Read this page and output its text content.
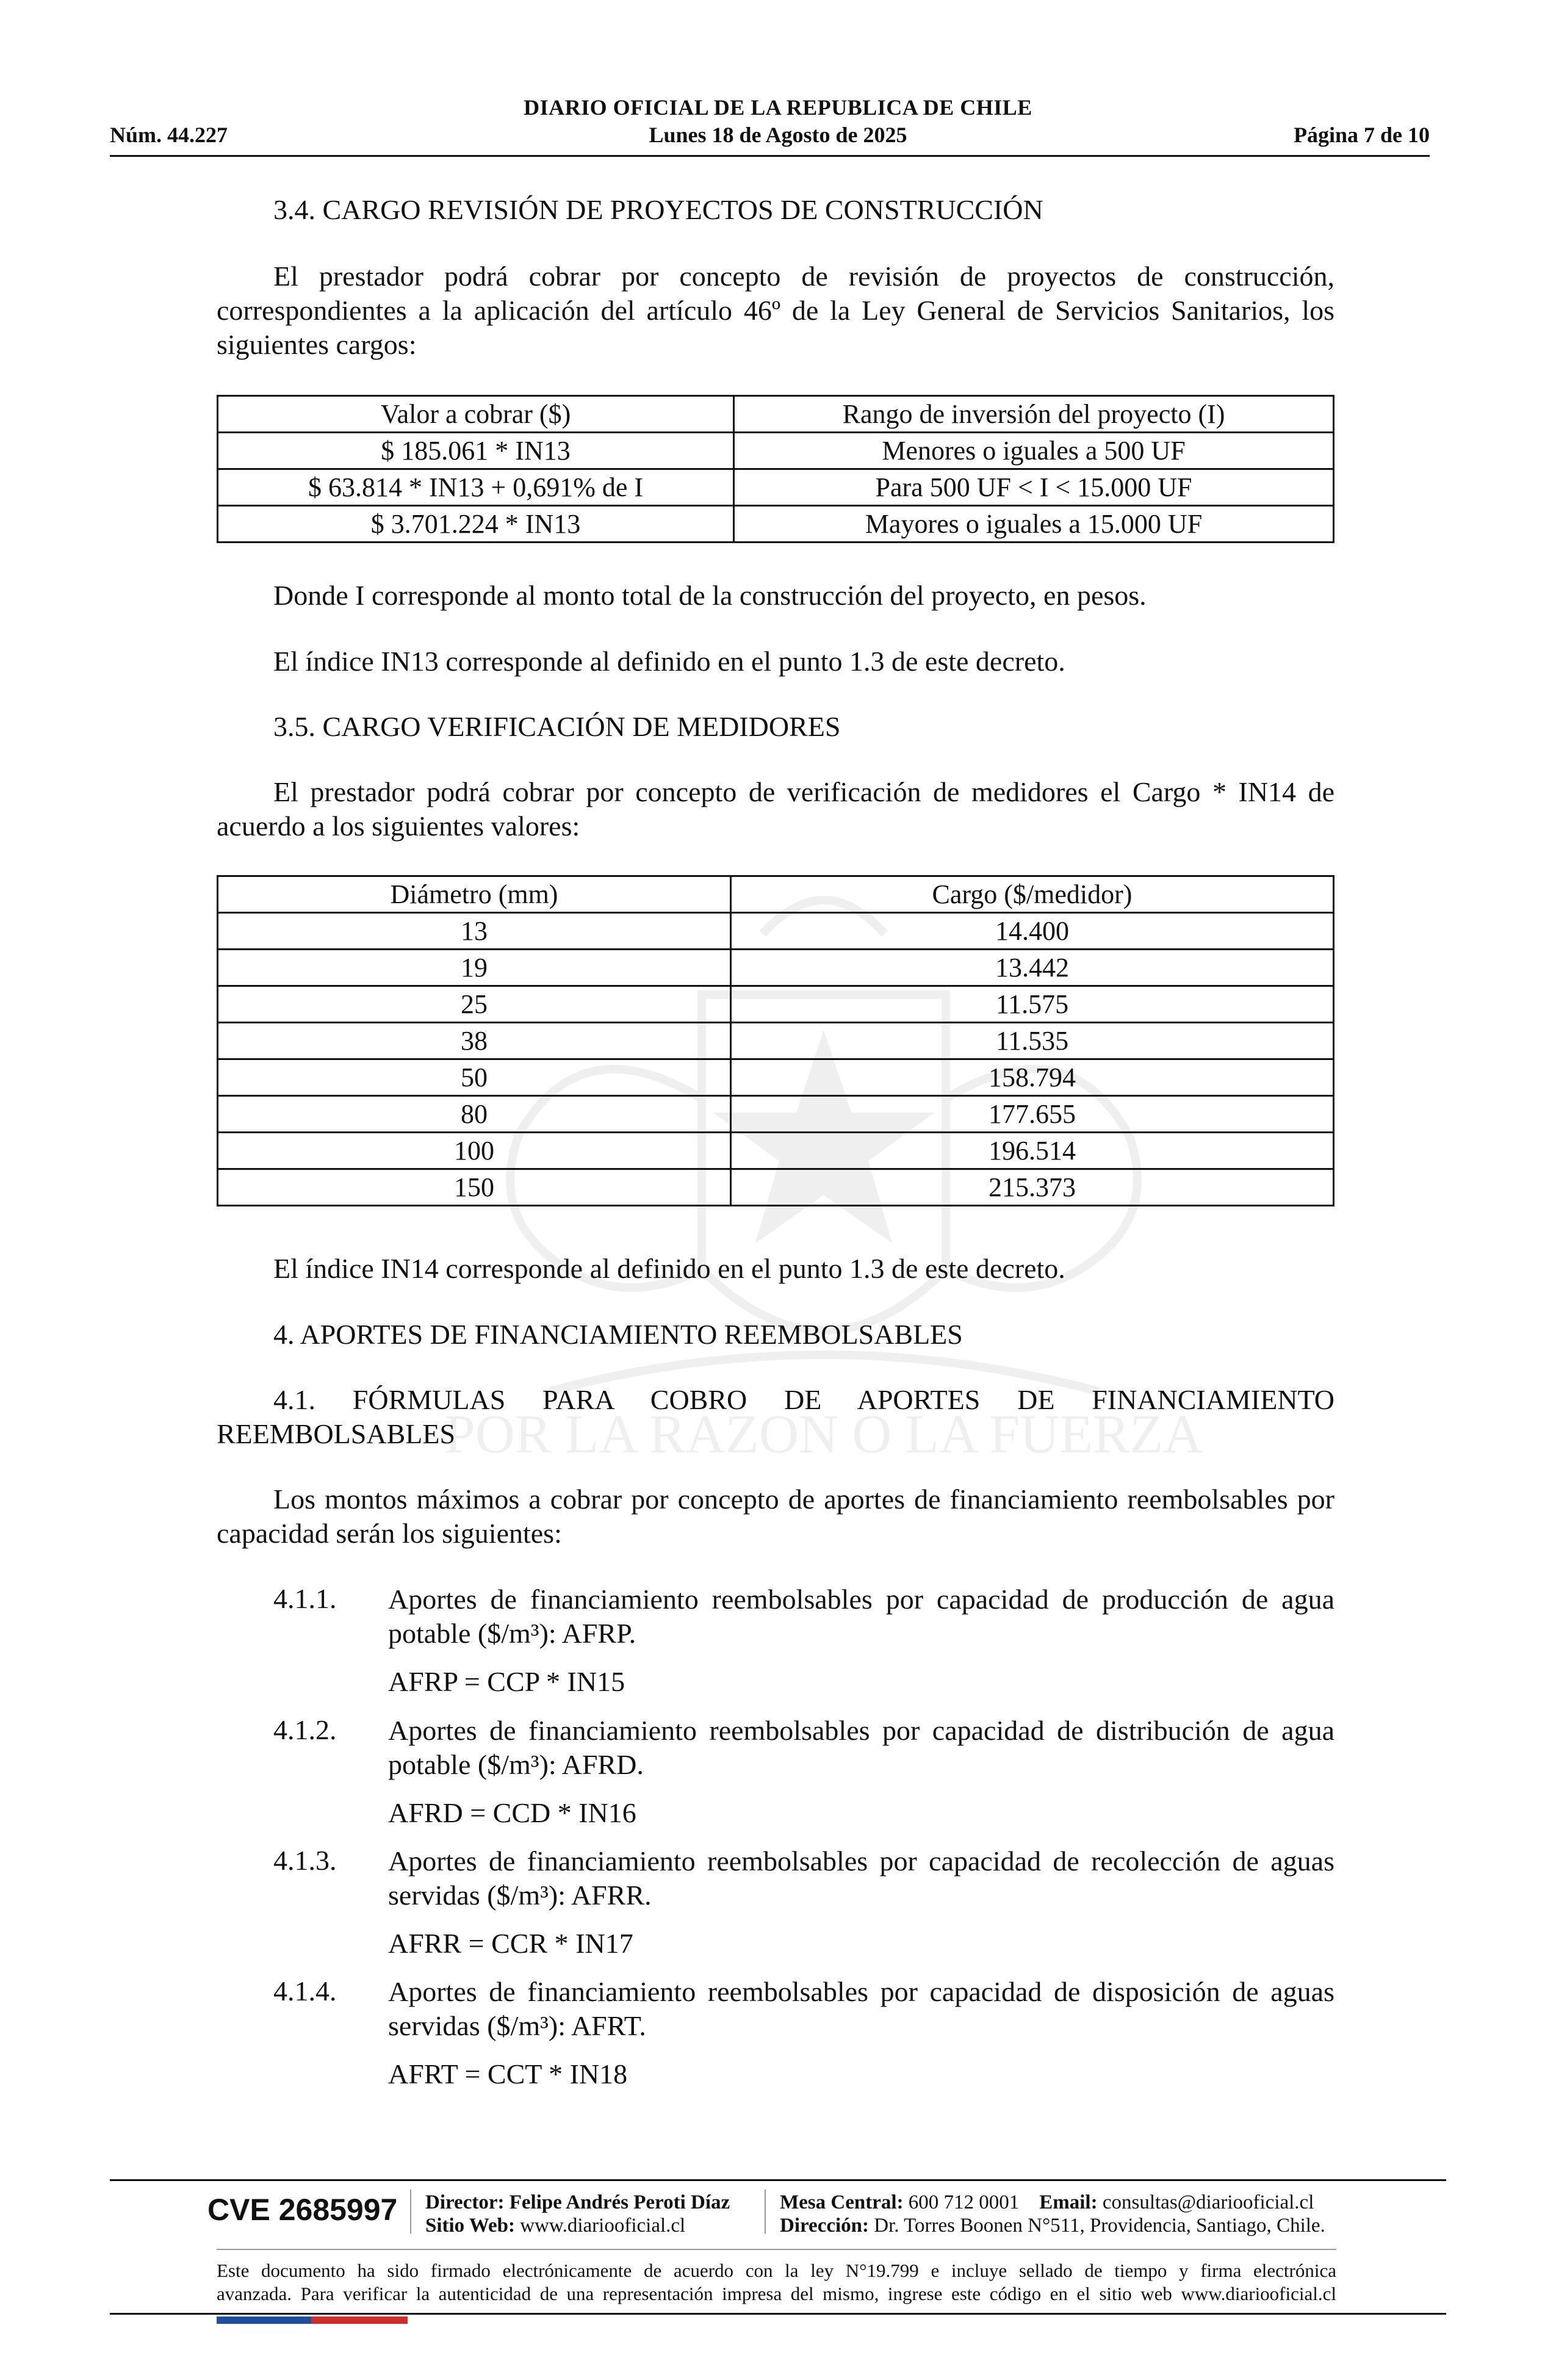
POR LA RAZON O LA FUERZA
DIARIO OFICIAL DE LA REPUBLICA DE CHILE
Núm. 44.227	Lunes 18 de Agosto de 2025	Página 7 de 10
3.4. CARGO REVISIÓN DE PROYECTOS DE CONSTRUCCIÓN
El prestador podrá cobrar por concepto de revisión de proyectos de construcción,
correspondientes a la aplicación del artículo 46º de la Ley General de Servicios Sanitarios, los
siguientes cargos:
Valor a cobrar ($)	Rango de inversión del proyecto (I)
$ 185.061 * IN13	Menores o iguales a 500 UF
$ 63.814 * IN13 + 0,691% de I	Para 500 UF < I < 15.000 UF
$ 3.701.224 * IN13	Mayores o iguales a 15.000 UF
Donde I corresponde al monto total de la construcción del proyecto, en pesos.
El índice IN13 corresponde al definido en el punto 1.3 de este decreto.
3.5. CARGO VERIFICACIÓN DE MEDIDORES
El prestador podrá cobrar por concepto de verificación de medidores el Cargo * IN14 de
acuerdo a los siguientes valores:
Diámetro (mm)	Cargo ($/medidor)
13	14.400
19	13.442
25	11.575
38	11.535
50	158.794
80	177.655
100	196.514
150	215.373
El índice IN14 corresponde al definido en el punto 1.3 de este decreto.
4. APORTES DE FINANCIAMIENTO REEMBOLSABLES
4.1. FÓRMULAS PARA COBRO DE APORTES DE FINANCIAMIENTO
REEMBOLSABLES
Los montos máximos a cobrar por concepto de aportes de financiamiento reembolsables por
capacidad serán los siguientes:
4.1.1. Aportes de financiamiento reembolsables por capacidad de producción de agua
potable ($/m³): AFRP.
AFRP = CCP * IN15
4.1.2. Aportes de financiamiento reembolsables por capacidad de distribución de agua
potable ($/m³): AFRD.
AFRD = CCD * IN16
4.1.3. Aportes de financiamiento reembolsables por capacidad de recolección de aguas
servidas ($/m³): AFRR.
AFRR = CCR * IN17
4.1.4. Aportes de financiamiento reembolsables por capacidad de disposición de aguas
servidas ($/m³): AFRT.
AFRT = CCT * IN18
CVE 2685997 Director: Felipe Andrés Peroti Díaz
Sitio Web: www.diariooficial.cl
Mesa Central: 600 712 0001 Email: consultas@diariooficial.cl
Dirección: Dr. Torres Boonen N°511, Providencia, Santiago, Chile.
Este documento ha sido firmado electrónicamente de acuerdo con la ley N°19.799 e incluye sellado de tiempo y firma electrónica
avanzada. Para verificar la autenticidad de una representación impresa del mismo, ingrese este código en el sitio web www.diariooficial.cl
